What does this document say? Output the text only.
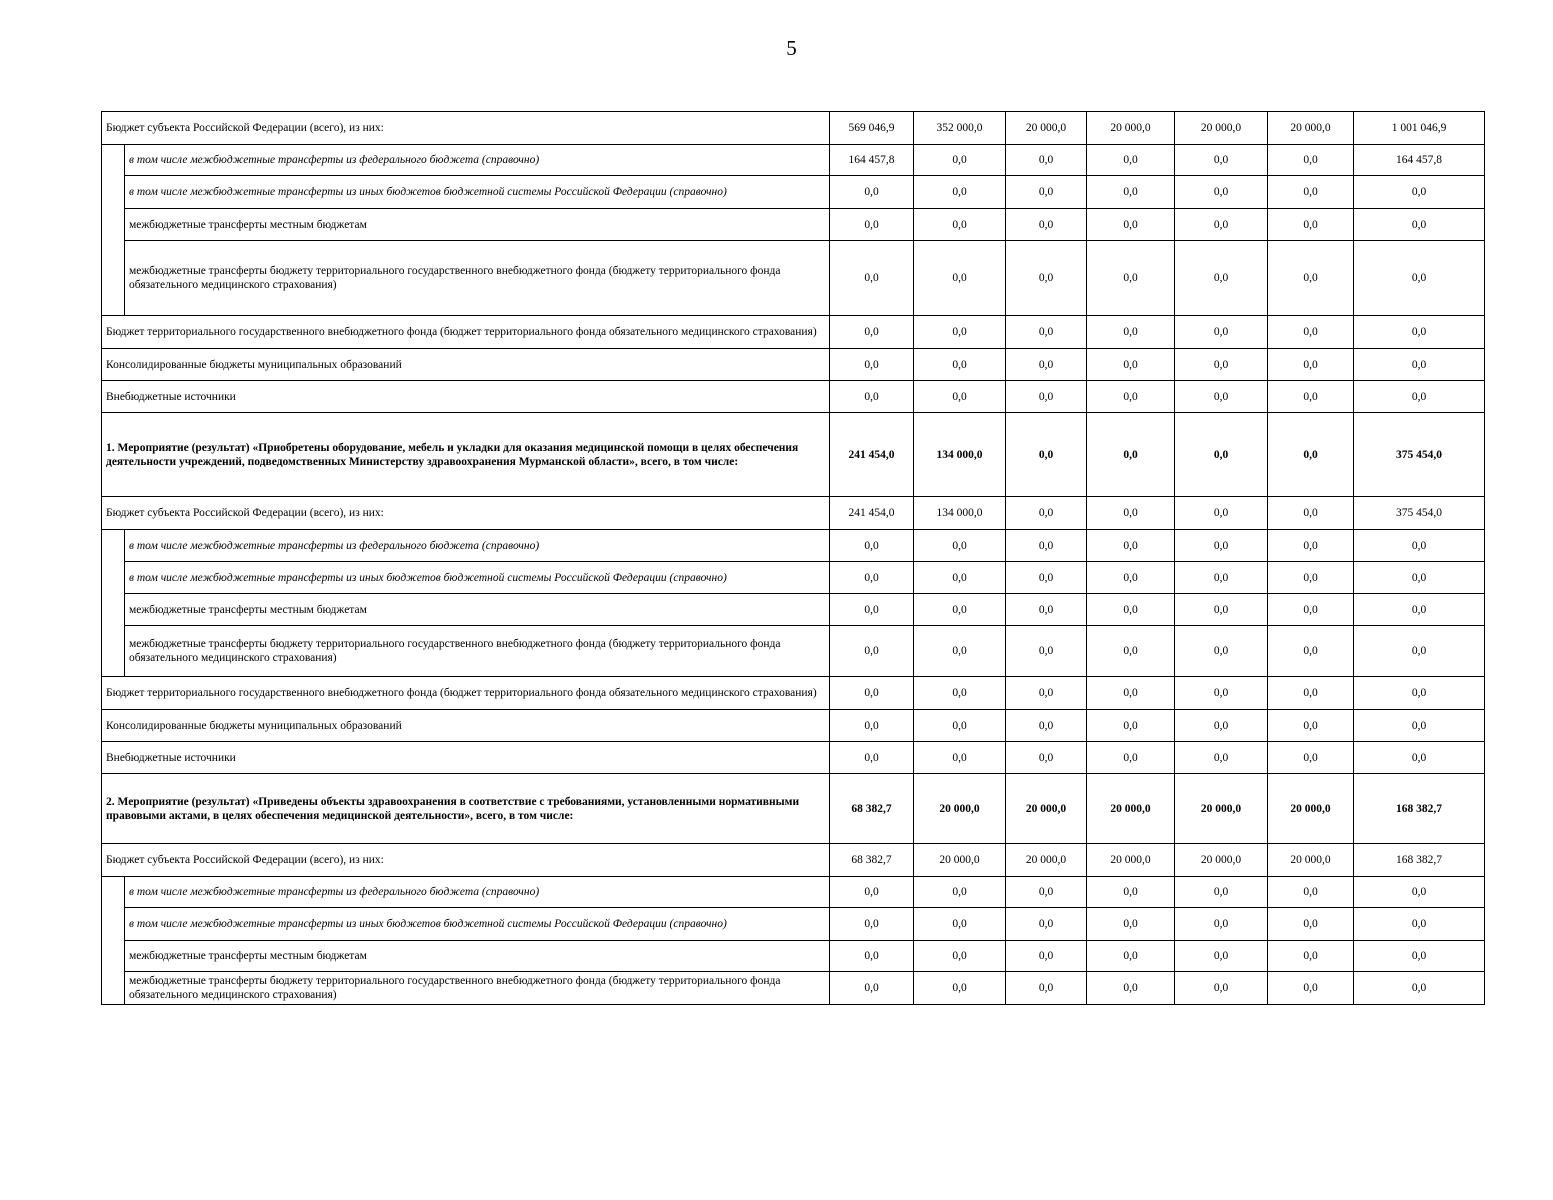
5
Бюджет субъекта Российской Федерации (всего), из них:		569 046,9	352 000,0	20 000,0	20 000,0	20 000,0	20 000,0	1 001 046,9
	в том числе межбюджетные трансферты из федерального бюджета (справочно)	164 457,8	0,0	0,0	0,0	0,0	0,0	164 457,8
	в том числе межбюджетные трансферты из иных бюджетов бюджетной системы Российской Федерации (справочно)	0,0	0,0	0,0	0,0	0,0	0,0	0,0
	межбюджетные трансферты местным бюджетам	0,0	0,0	0,0	0,0	0,0	0,0	0,0
	межбюджетные трансферты бюджету территориального государственного внебюджетного фонда (бюджету территориального фонда обязательного медицинского страхования)	0,0	0,0	0,0	0,0	0,0	0,0	0,0
Бюджет территориального государственного внебюджетного фонда (бюджет территориального фонда обязательного медицинского страхования)		0,0	0,0	0,0	0,0	0,0	0,0	0,0
Консолидированные бюджеты муниципальных образований		0,0	0,0	0,0	0,0	0,0	0,0	0,0
Внебюджетные источники		0,0	0,0	0,0	0,0	0,0	0,0	0,0
1. Мероприятие (результат) «Приобретены оборудование, мебель и укладки для оказания медицинской помощи в целях обеспечения деятельности учреждений, подведомственных Министерству здравоохранения Мурманской области», всего, в том числе:		241 454,0	134 000,0	0,0	0,0	0,0	0,0	375 454,0
Бюджет субъекта Российской Федерации (всего), из них:		241 454,0	134 000,0	0,0	0,0	0,0	0,0	375 454,0
	в том числе межбюджетные трансферты из федерального бюджета (справочно)	0,0	0,0	0,0	0,0	0,0	0,0	0,0
	в том числе межбюджетные трансферты из иных бюджетов бюджетной системы Российской Федерации (справочно)	0,0	0,0	0,0	0,0	0,0	0,0	0,0
	межбюджетные трансферты местным бюджетам	0,0	0,0	0,0	0,0	0,0	0,0	0,0
	межбюджетные трансферты бюджету территориального государственного внебюджетного фонда (бюджету территориального фонда обязательного медицинского страхования)	0,0	0,0	0,0	0,0	0,0	0,0	0,0
Бюджет территориального государственного внебюджетного фонда (бюджет территориального фонда обязательного медицинского страхования)		0,0	0,0	0,0	0,0	0,0	0,0	0,0
Консолидированные бюджеты муниципальных образований		0,0	0,0	0,0	0,0	0,0	0,0	0,0
Внебюджетные источники		0,0	0,0	0,0	0,0	0,0	0,0	0,0
2. Мероприятие (результат) «Приведены объекты здравоохранения в соответствие с требованиями, установленными нормативными правовыми актами, в целях обеспечения медицинской деятельности», всего, в том числе:		68 382,7	20 000,0	20 000,0	20 000,0	20 000,0	20 000,0	168 382,7
Бюджет субъекта Российской Федерации (всего), из них:		68 382,7	20 000,0	20 000,0	20 000,0	20 000,0	20 000,0	168 382,7
	в том числе межбюджетные трансферты из федерального бюджета (справочно)	0,0	0,0	0,0	0,0	0,0	0,0	0,0
	в том числе межбюджетные трансферты из иных бюджетов бюджетной системы Российской Федерации (справочно)	0,0	0,0	0,0	0,0	0,0	0,0	0,0
	межбюджетные трансферты местным бюджетам	0,0	0,0	0,0	0,0	0,0	0,0	0,0
	межбюджетные трансферты бюджету территориального государственного внебюджетного фонда (бюджету территориального фонда обязательного медицинского страхования)	0,0	0,0	0,0	0,0	0,0	0,0	0,0
